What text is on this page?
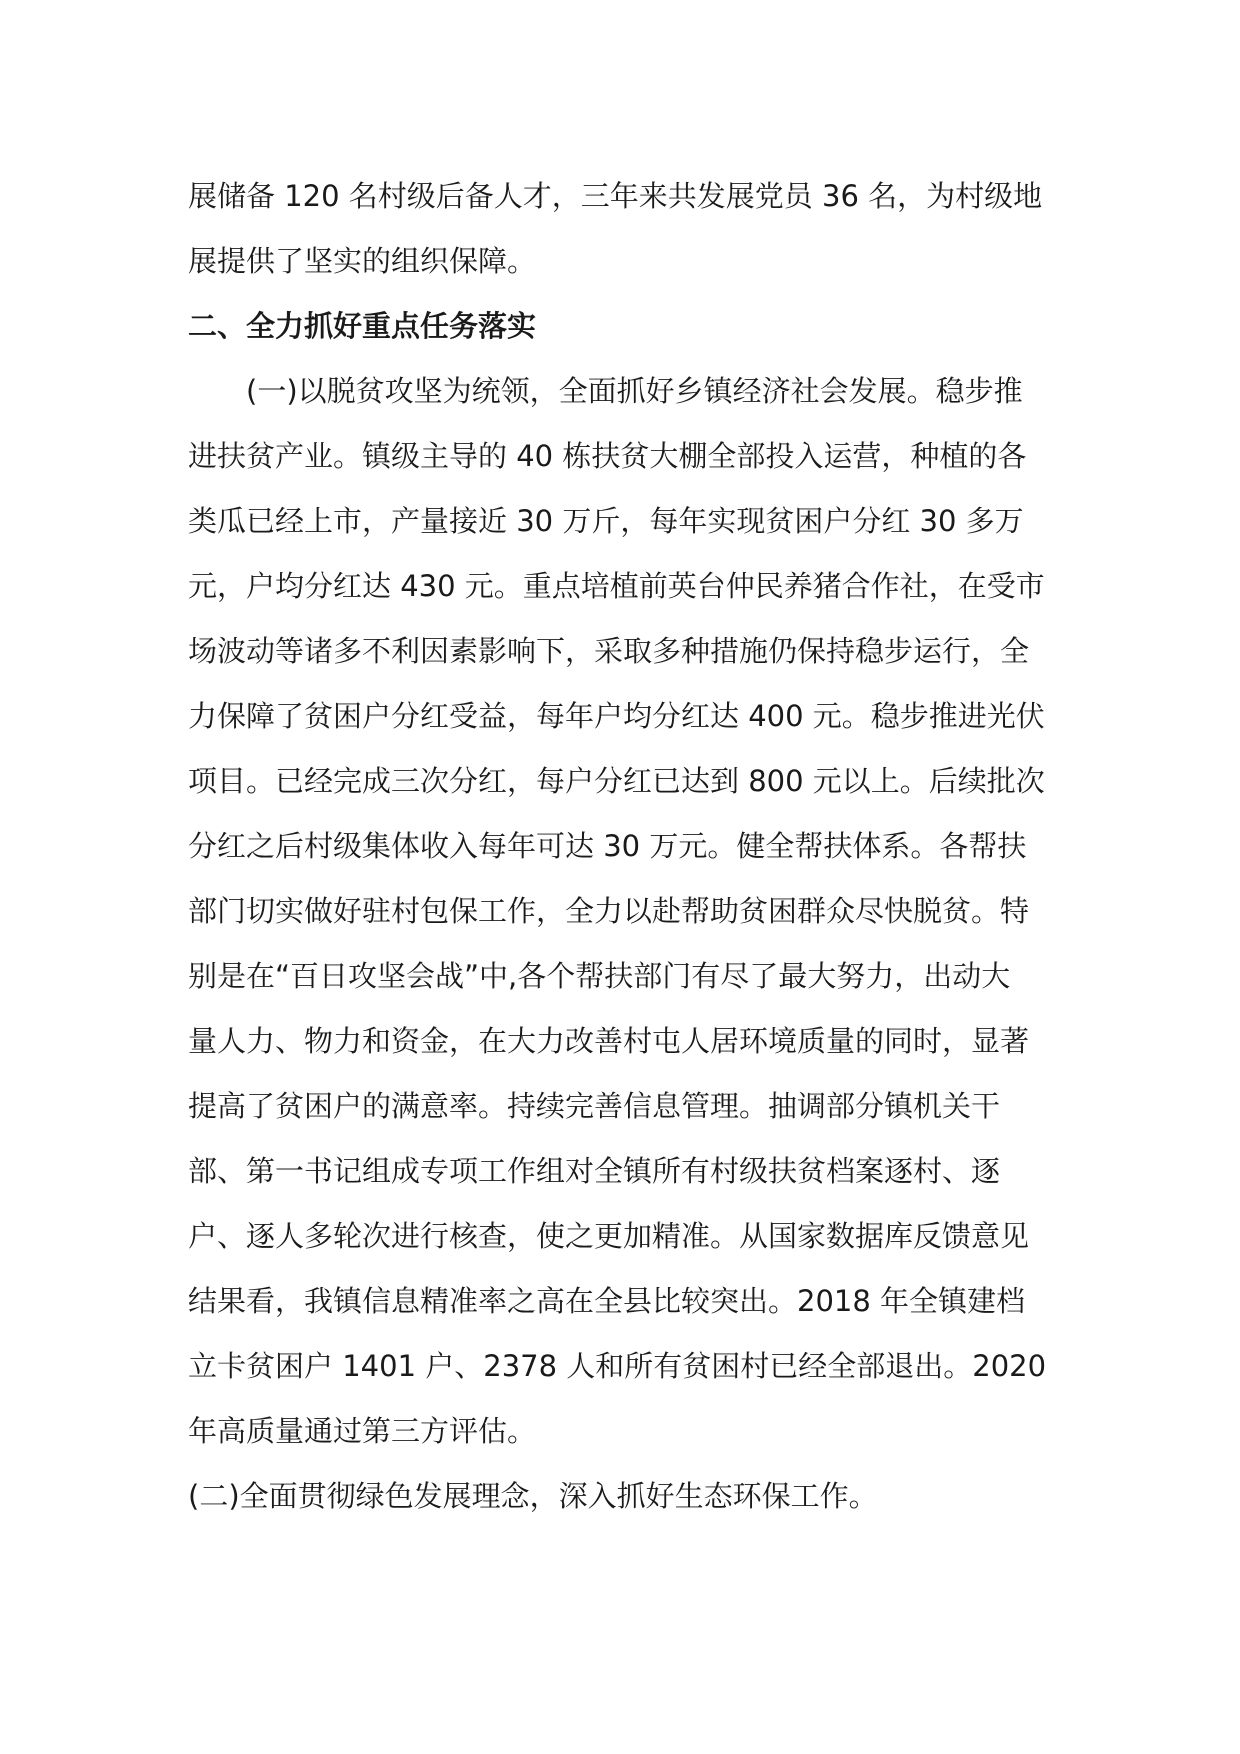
展储备 120 名村级后备人才，三年来共发展党员 36 名，为村级地
展提供了坚实的组织保障。

二、全力抓好重点任务落实

(一)以脱贫攻坚为统领，全面抓好乡镇经济社会发展。稳步推
进扶贫产业。镇级主导的 40 栋扶贫大棚全部投入运营，种植的各
类瓜已经上市，产量接近 30 万斤，每年实现贫困户分红 30 多万
元，户均分红达 430 元。重点培植前英台仲民养猪合作社，在受市
场波动等诸多不利因素影响下，采取多种措施仍保持稳步运行，全
力保障了贫困户分红受益，每年户均分红达 400 元。稳步推进光伏
项目。已经完成三次分红，每户分红已达到 800 元以上。后续批次
分红之后村级集体收入每年可达 30 万元。健全帮扶体系。各帮扶
部门切实做好驻村包保工作，全力以赴帮助贫困群众尽快脱贫。特
别是在“百日攻坚会战”中,各个帮扶部门有尽了最大努力，出动大
量人力、物力和资金，在大力改善村屯人居环境质量的同时，显著
提高了贫困户的满意率。持续完善信息管理。抽调部分镇机关干
部、第一书记组成专项工作组对全镇所有村级扶贫档案逐村、逐
户、逐人多轮次进行核查，使之更加精准。从国家数据库反馈意见
结果看，我镇信息精准率之高在全县比较突出。2018 年全镇建档
立卡贫困户 1401 户、2378 人和所有贫困村已经全部退出。2020
年高质量通过第三方评估。

(二)全面贯彻绿色发展理念，深入抓好生态环保工作。
